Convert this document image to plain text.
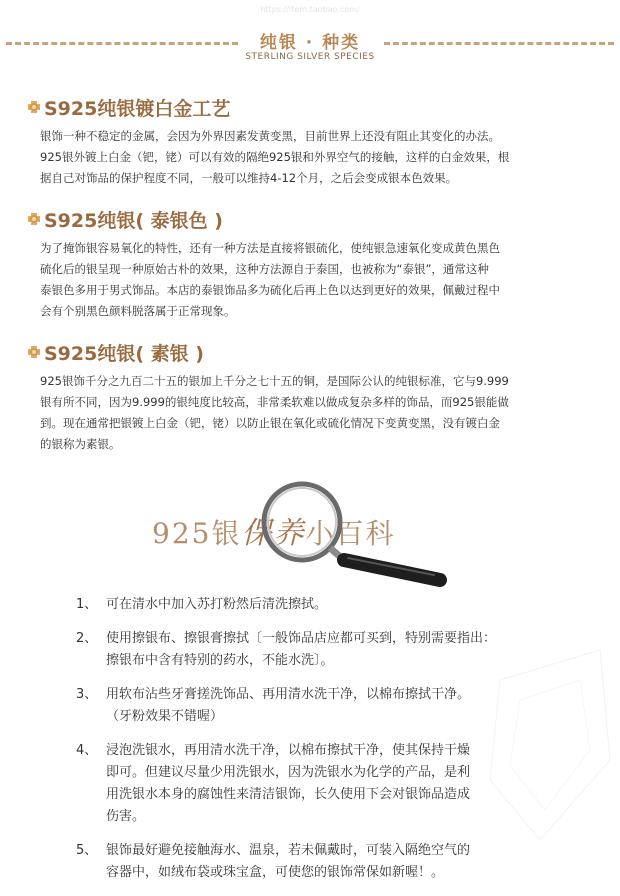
https://item.taobao.com/
纯银 · 种类
STERLING SILVER SPECIES
S925纯银镀白金工艺

银饰一种不稳定的金属，会因为外界因素发黄变黑，目前世界上还没有阻止其变化的办法。

925银外镀上白金（钯，铑）可以有效的隔绝925银和外界空气的接触，这样的白金效果，根

据自己对饰品的保护程度不同，一般可以维持4-12个月，之后会变成银本色效果。

S925纯银( 泰银色 )

为了掩饰银容易氧化的特性，还有一种方法是直接将银硫化，使纯银急速氧化变成黄色黑色

硫化后的银呈现一种原始古朴的效果，这种方法源自于泰国，也被称为“泰银”，通常这种

泰银色多用于男式饰品。本店的泰银饰品多为硫化后再上色以达到更好的效果，佩戴过程中

会有个别黑色颜料脱落属于正常现象。

S925纯银( 素银 )

925银饰千分之九百二十五的银加上千分之七十五的铜，是国际公认的纯银标准，它与9.999

银有所不同，因为9.999的银纯度比较高，非常柔软难以做成复杂多样的饰品，而925银能做

到。现在通常把银镀上白金（钯，铑）以防止银在氧化或硫化情况下变黄变黑，没有镀白金

的银称为素银。

925银保养小百科
1、 可在清水中加入苏打粉然后清洗擦拭。
2、 使用擦银布、擦银膏擦拭〔一般饰品店应都可买到，特别需要指出：
擦银布中含有特别的药水，不能水洗〕。
3、 用软布沾些牙膏搓洗饰品、再用清水洗干净，以棉布擦拭干净。
（牙粉效果不错喔）
4、 浸泡洗银水，再用清水洗干净，以棉布擦拭干净，使其保持干燥
即可。但建议尽量少用洗银水，因为洗银水为化学的产品，是利
用洗银水本身的腐蚀性来清洁银饰，长久使用下会对银饰品造成
伤害。
5、 银饰最好避免接触海水、温泉，若未佩戴时，可装入隔绝空气的
容器中，如绒布袋或珠宝盒，可使您的银饰常保如新喔！。
